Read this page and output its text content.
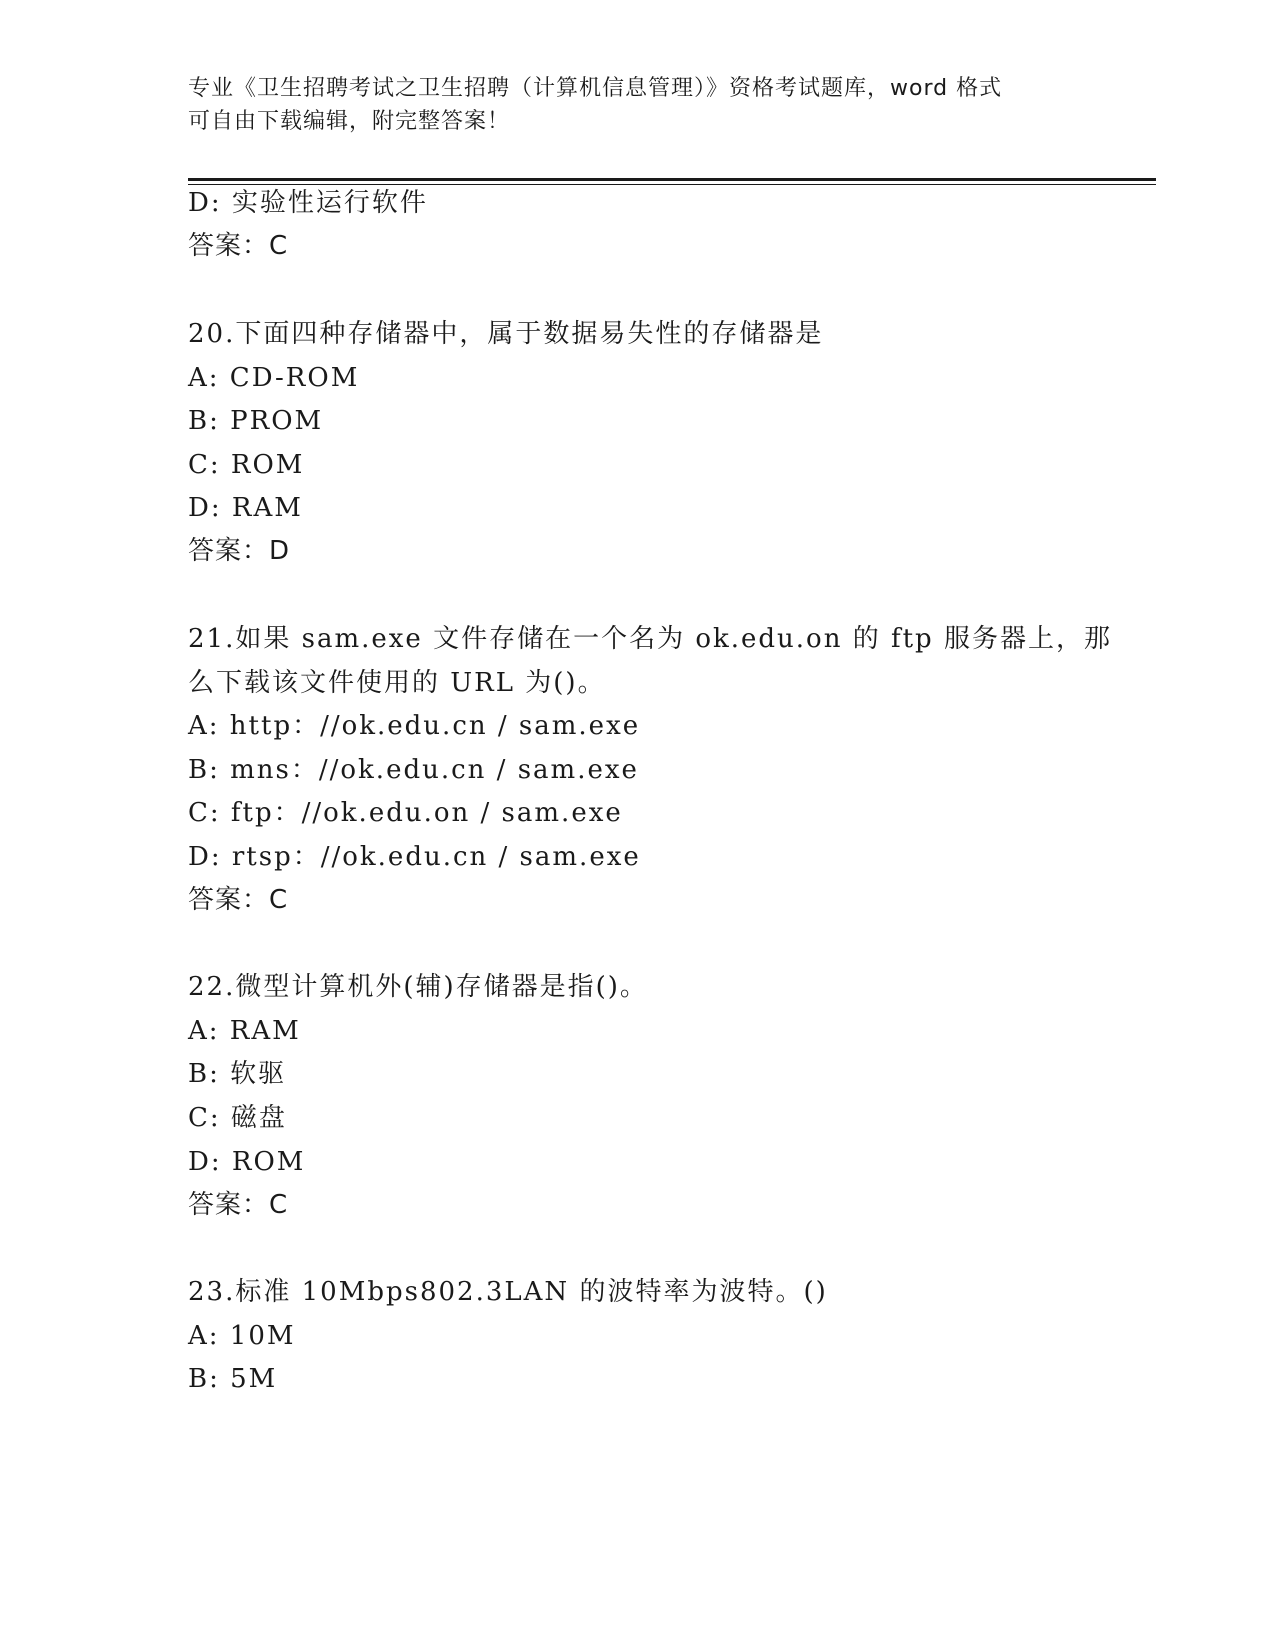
专业《卫生招聘考试之卫生招聘（计算机信息管理）》资格考试题库，word 格式
可自由下载编辑，附完整答案！
D: 实验性运行软件
答案：C
20.下面四种存储器中，属于数据易失性的存储器是
A: CD-ROM
B: PROM
C: ROM
D: RAM
答案：D
21.如果 sam.exe 文件存储在一个名为 ok.edu.on 的 ftp 服务器上，那
么下载该文件使用的 URL 为()。
A: http：//ok.edu.cn / sam.exe
B: mns：//ok.edu.cn / sam.exe
C: ftp：//ok.edu.on / sam.exe
D: rtsp：//ok.edu.cn / sam.exe
答案：C
22.微型计算机外(辅)存储器是指()。
A: RAM
B: 软驱
C: 磁盘
D: ROM
答案：C
23.标准 10Mbps802.3LAN 的波特率为波特。()
A: 10M
B: 5M
